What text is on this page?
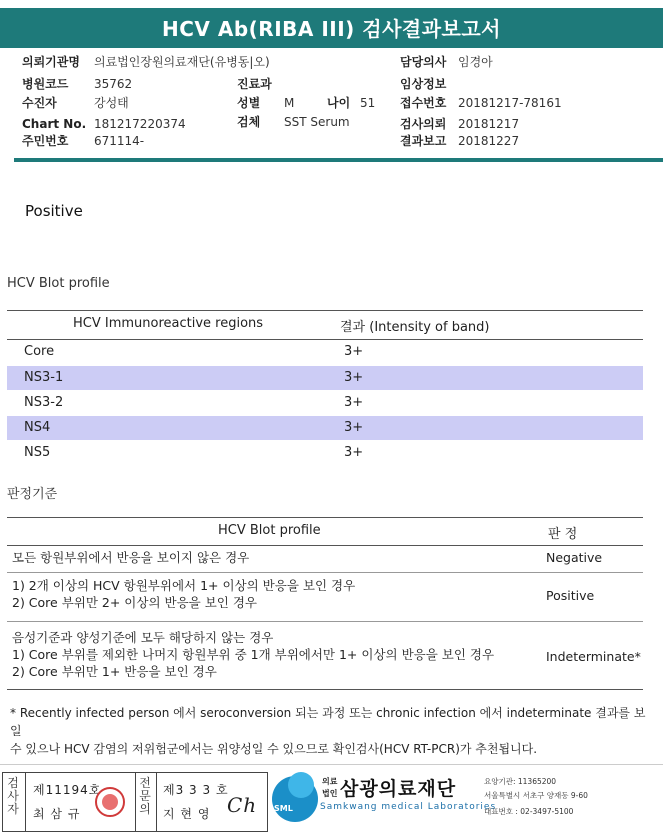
HCV Ab(RIBA III) 검사결과보고서
의뢰기관명 의료법인장원의료재단(유병동|오)
병원코드 35762
수진자	강성태
Chart No. 181217220374
주민번호 671114-
진료과
성별 M	나이 51
검체 SST Serum
담당의사 임경아
임상정보
접수번호 20181217-78161
검사의뢰 20181217
결과보고 20181227
Positive
HCV Blot profile
HCV Immunoreactive regions	결과 (Intensity of band)
Core	3+
NS3-1	3+
NS3-2	3+
NS4	3+
NS5	3+
판정기준
HCV Blot profile	판 정
모든 항원부위에서 반응을 보이지 않은 경우	Negative
1) 2개 이상의 HCV 항원부위에서 1+ 이상의 반응을 보인 경우
2) Core 부위만 2+ 이상의 반응을 보인 경우	Positive
음성기준과 양성기준에 모두 해당하지 않는 경우
1) Core 부위를 제외한 나머지 항원부위 중 1개 부위에서만 1+ 이상의 반응을 보인 경우
2) Core 부위만 1+ 반응을 보인 경우
Indeterminate*
* Recently infected person 에서 seroconversion 되는 과정 또는 chronic infection 에서 indeterminate 결과를 보일
수 있으나 HCV 감염의 저위험군에서는 위양성일 수 있으므로 확인검사(HCV RT-PCR)가 추천됩니다.
검사자
제11194호
최 삼 규
전문의
제3 3 3 호
지 현 영 Ch SML
의료
법인 삼광의료재단
Samkwang medical Laboratories
요양기관: 11365200
서울특별시 서초구 양재동 9-60
대표번호 : 02-3497-5100
